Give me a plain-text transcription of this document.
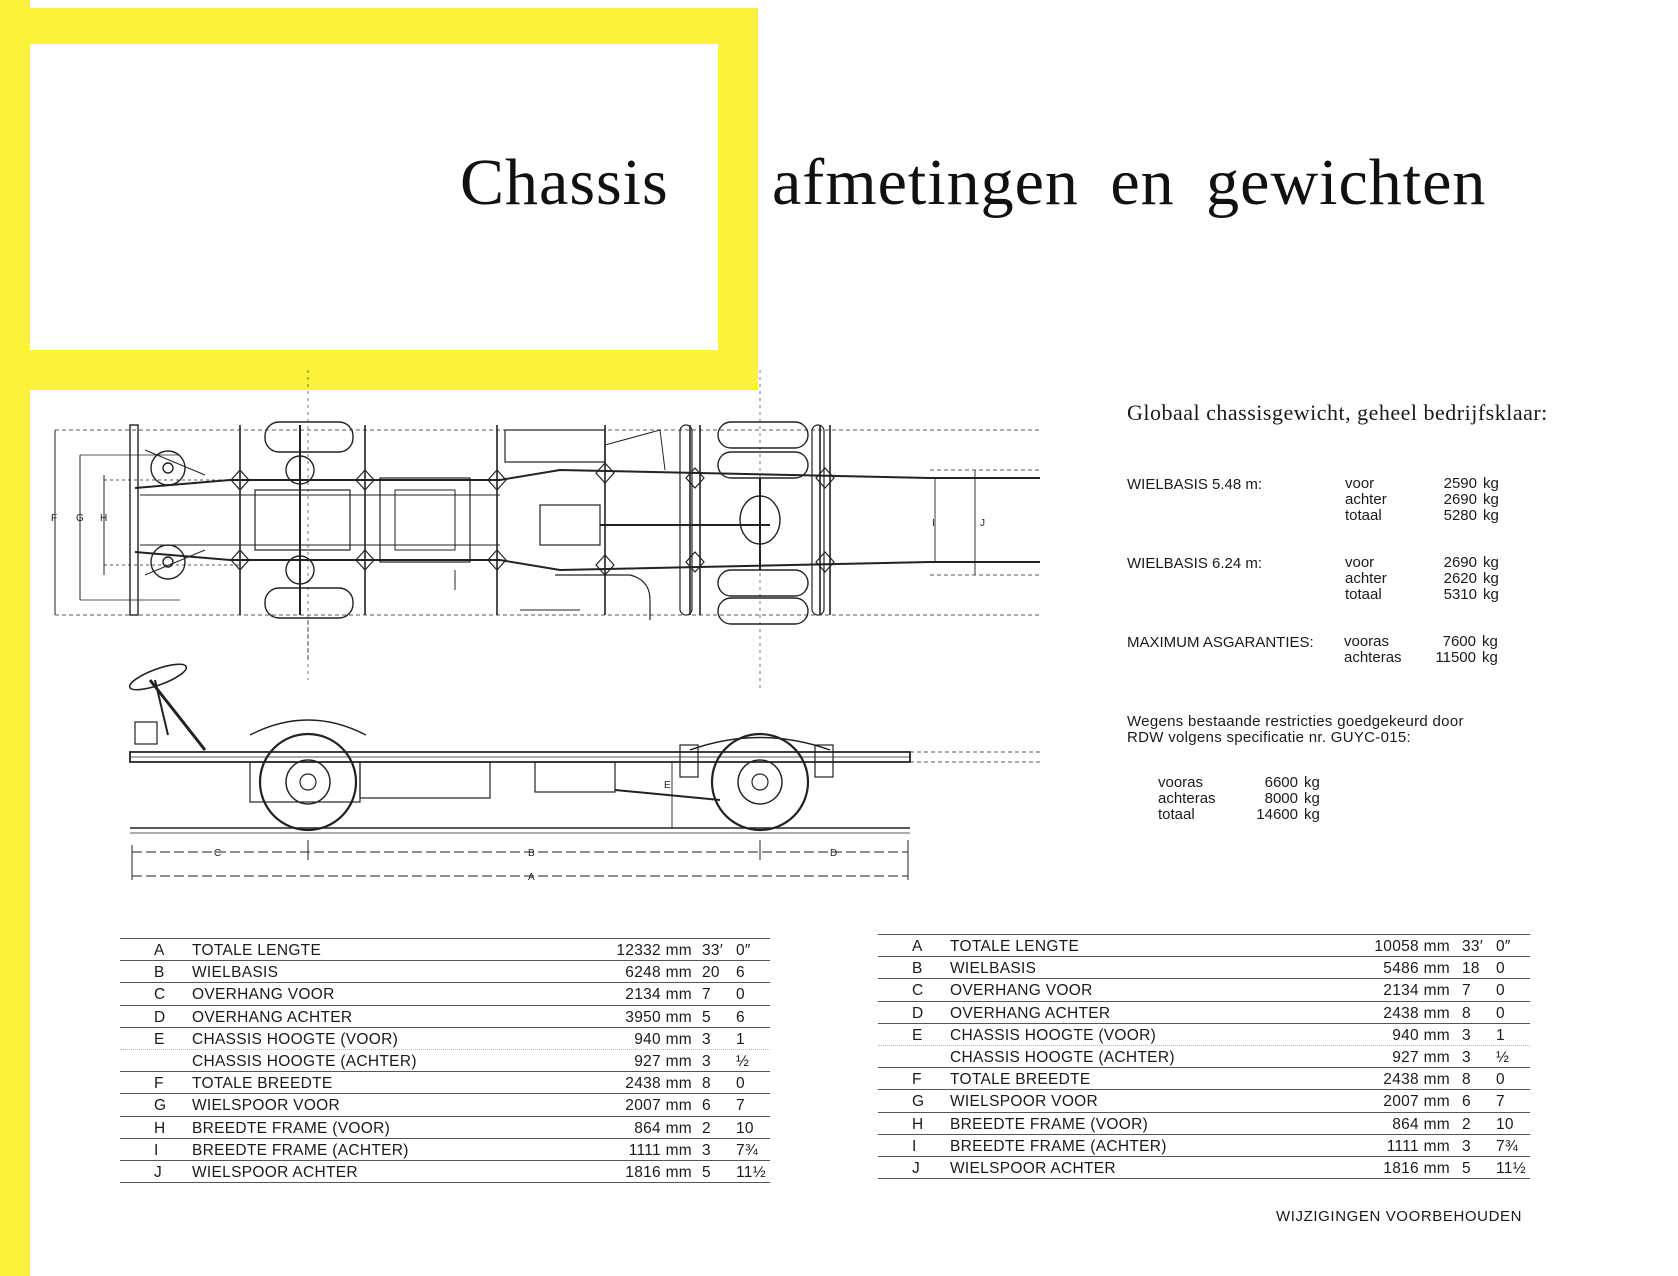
Chassis afmetingen en gewichten
F G H	I	J
E
C	B	D
A
Globaal chassisgewicht, geheel bedrijfsklaar:
WIELBASIS 5.48 m:	voor	2590 kg
achter	2690 kg
totaal	5280 kg
WIELBASIS 6.24 m:	voor	2690 kg
achter	2620 kg
totaal	5310 kg
MAXIMUM ASGARANTIES: vooras	7600 kg
achteras	11500 kg
Wegens bestaande restricties goedgekeurd door RDW volgens specificatie nr. GUYC-015:
vooras	6600 kg
achteras	8000 kg
totaal	14600 kg
A TOTALE LENGTE	12332 mm 33′ 0″
B WIELBASIS	6248 mm 20 6
C OVERHANG VOOR	2134 mm 7 0
D OVERHANG ACHTER	3950 mm 5 6
E CHASSIS HOOGTE (VOOR)	940 mm 3 1
CHASSIS HOOGTE (ACHTER)	927 mm 3 ½
F TOTALE BREEDTE	2438 mm 8 0
G WIELSPOOR VOOR	2007 mm 6 7
H BREEDTE FRAME (VOOR)	864 mm 2 10
I BREEDTE FRAME (ACHTER)	1111 mm 3 7¾
J WIELSPOOR ACHTER	1816 mm 5 11½
A TOTALE LENGTE	10058 mm 33′ 0″
B WIELBASIS	5486 mm 18 0
C OVERHANG VOOR	2134 mm 7 0
D OVERHANG ACHTER	2438 mm 8 0
E CHASSIS HOOGTE (VOOR)	940 mm 3 1
CHASSIS HOOGTE (ACHTER)	927 mm 3 ½
F TOTALE BREEDTE	2438 mm 8 0
G WIELSPOOR VOOR	2007 mm 6 7
H BREEDTE FRAME (VOOR)	864 mm 2 10
I BREEDTE FRAME (ACHTER)	1111 mm 3 7¾
J WIELSPOOR ACHTER	1816 mm 5 11½
WIJZIGINGEN VOORBEHOUDEN
